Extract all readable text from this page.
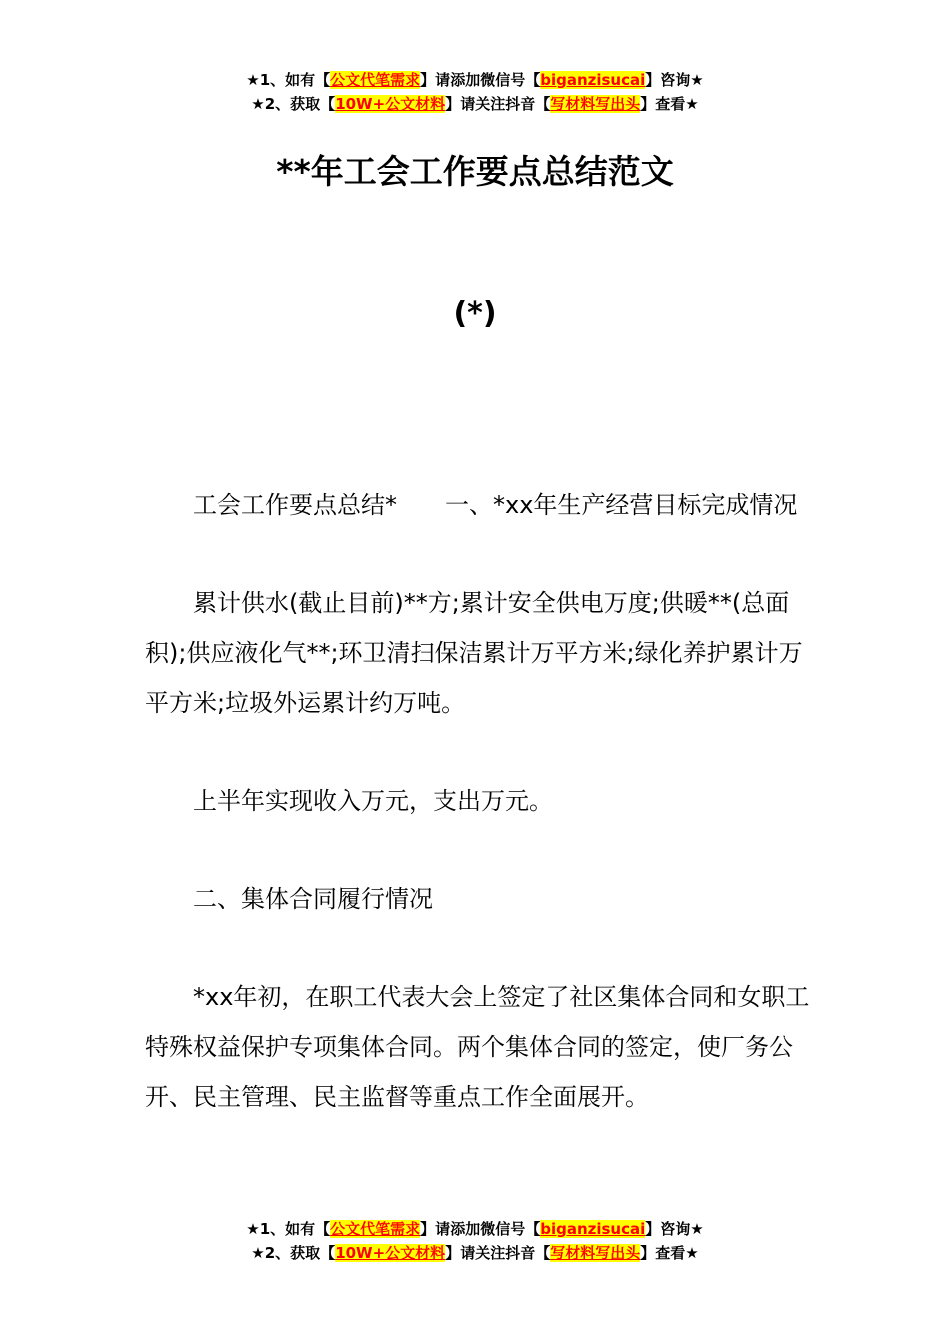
★1、如有【公文代笔需求】请添加微信号【biganzisucai】咨询★
★2、获取【10W+公文材料】请关注抖音【写材料写出头】查看★
**年工会工作要点总结范文
(*)

工会工作要点总结* 一、*xx年生产经营目标完成情况

累计供水(截止目前)**方;累计安全供电万度;供暖**(总面积);供应液化气**;环卫清扫保洁累计万平方米;绿化养护累计万平方米;垃圾外运累计约万吨。

上半年实现收入万元，支出万元。

二、集体合同履行情况

*xx年初，在职工代表大会上签定了社区集体合同和女职工特殊权益保护专项集体合同。两个集体合同的签定，使厂务公开、民主管理、民主监督等重点工作全面展开。

★1、如有【公文代笔需求】请添加微信号【biganzisucai】咨询★
★2、获取【10W+公文材料】请关注抖音【写材料写出头】查看★
